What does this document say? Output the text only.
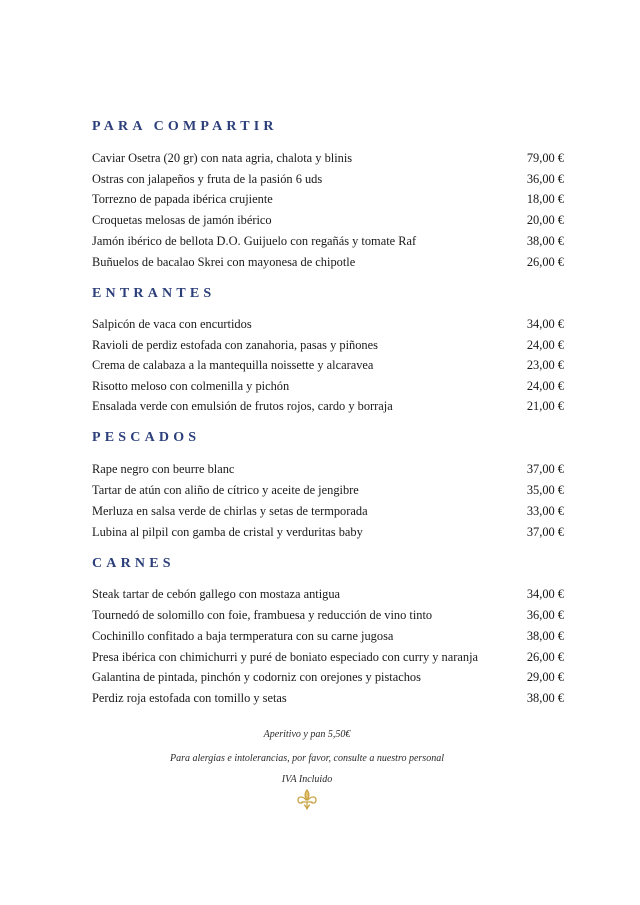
PARA COMPARTIR
Caviar Osetra (20 gr) con nata agria, chalota y blinis	79,00 €
Ostras con jalapeños y fruta de la pasión 6 uds	36,00 €
Torrezno de papada ibérica crujiente	18,00 €
Croquetas melosas de jamón ibérico	20,00 €
Jamón ibérico de bellota D.O. Guijuelo con regañás y tomate Raf	38,00 €
Buñuelos de bacalao Skrei con mayonesa de chipotle	26,00 €
ENTRANTES
Salpicón de vaca con encurtidos	34,00 €
Ravioli de perdiz estofada con zanahoria, pasas y piñones	24,00 €
Crema de calabaza a la mantequilla noissette y alcaravea	23,00 €
Risotto meloso con colmenilla y pichón	24,00 €
Ensalada verde con emulsión de frutos rojos, cardo y borraja	21,00 €
PESCADOS
Rape negro con beurre blanc	37,00 €
Tartar de atún con aliño de cítrico y aceite de jengibre	35,00 €
Merluza en salsa verde de chirlas y setas de termporada	33,00 €
Lubina al pilpil con gamba de cristal y verduritas baby	37,00 €
CARNES
Steak tartar de cebón gallego con mostaza antigua	34,00 €
Tournedó de solomillo con foie, frambuesa y reducción de vino tinto	36,00 €
Cochinillo confitado a baja termperatura con su carne jugosa	38,00 €
Presa ibérica con chimichurri y puré de boniato especiado con curry y naranja	26,00 €
Galantina de pintada, pinchón y codorniz con orejones y pistachos	29,00 €
Perdiz roja estofada con tomillo y setas	38,00 €
Aperitivo y pan 5,50€
Para alergias e intolerancias, por favor, consulte a nuestro personal
IVA Incluido
